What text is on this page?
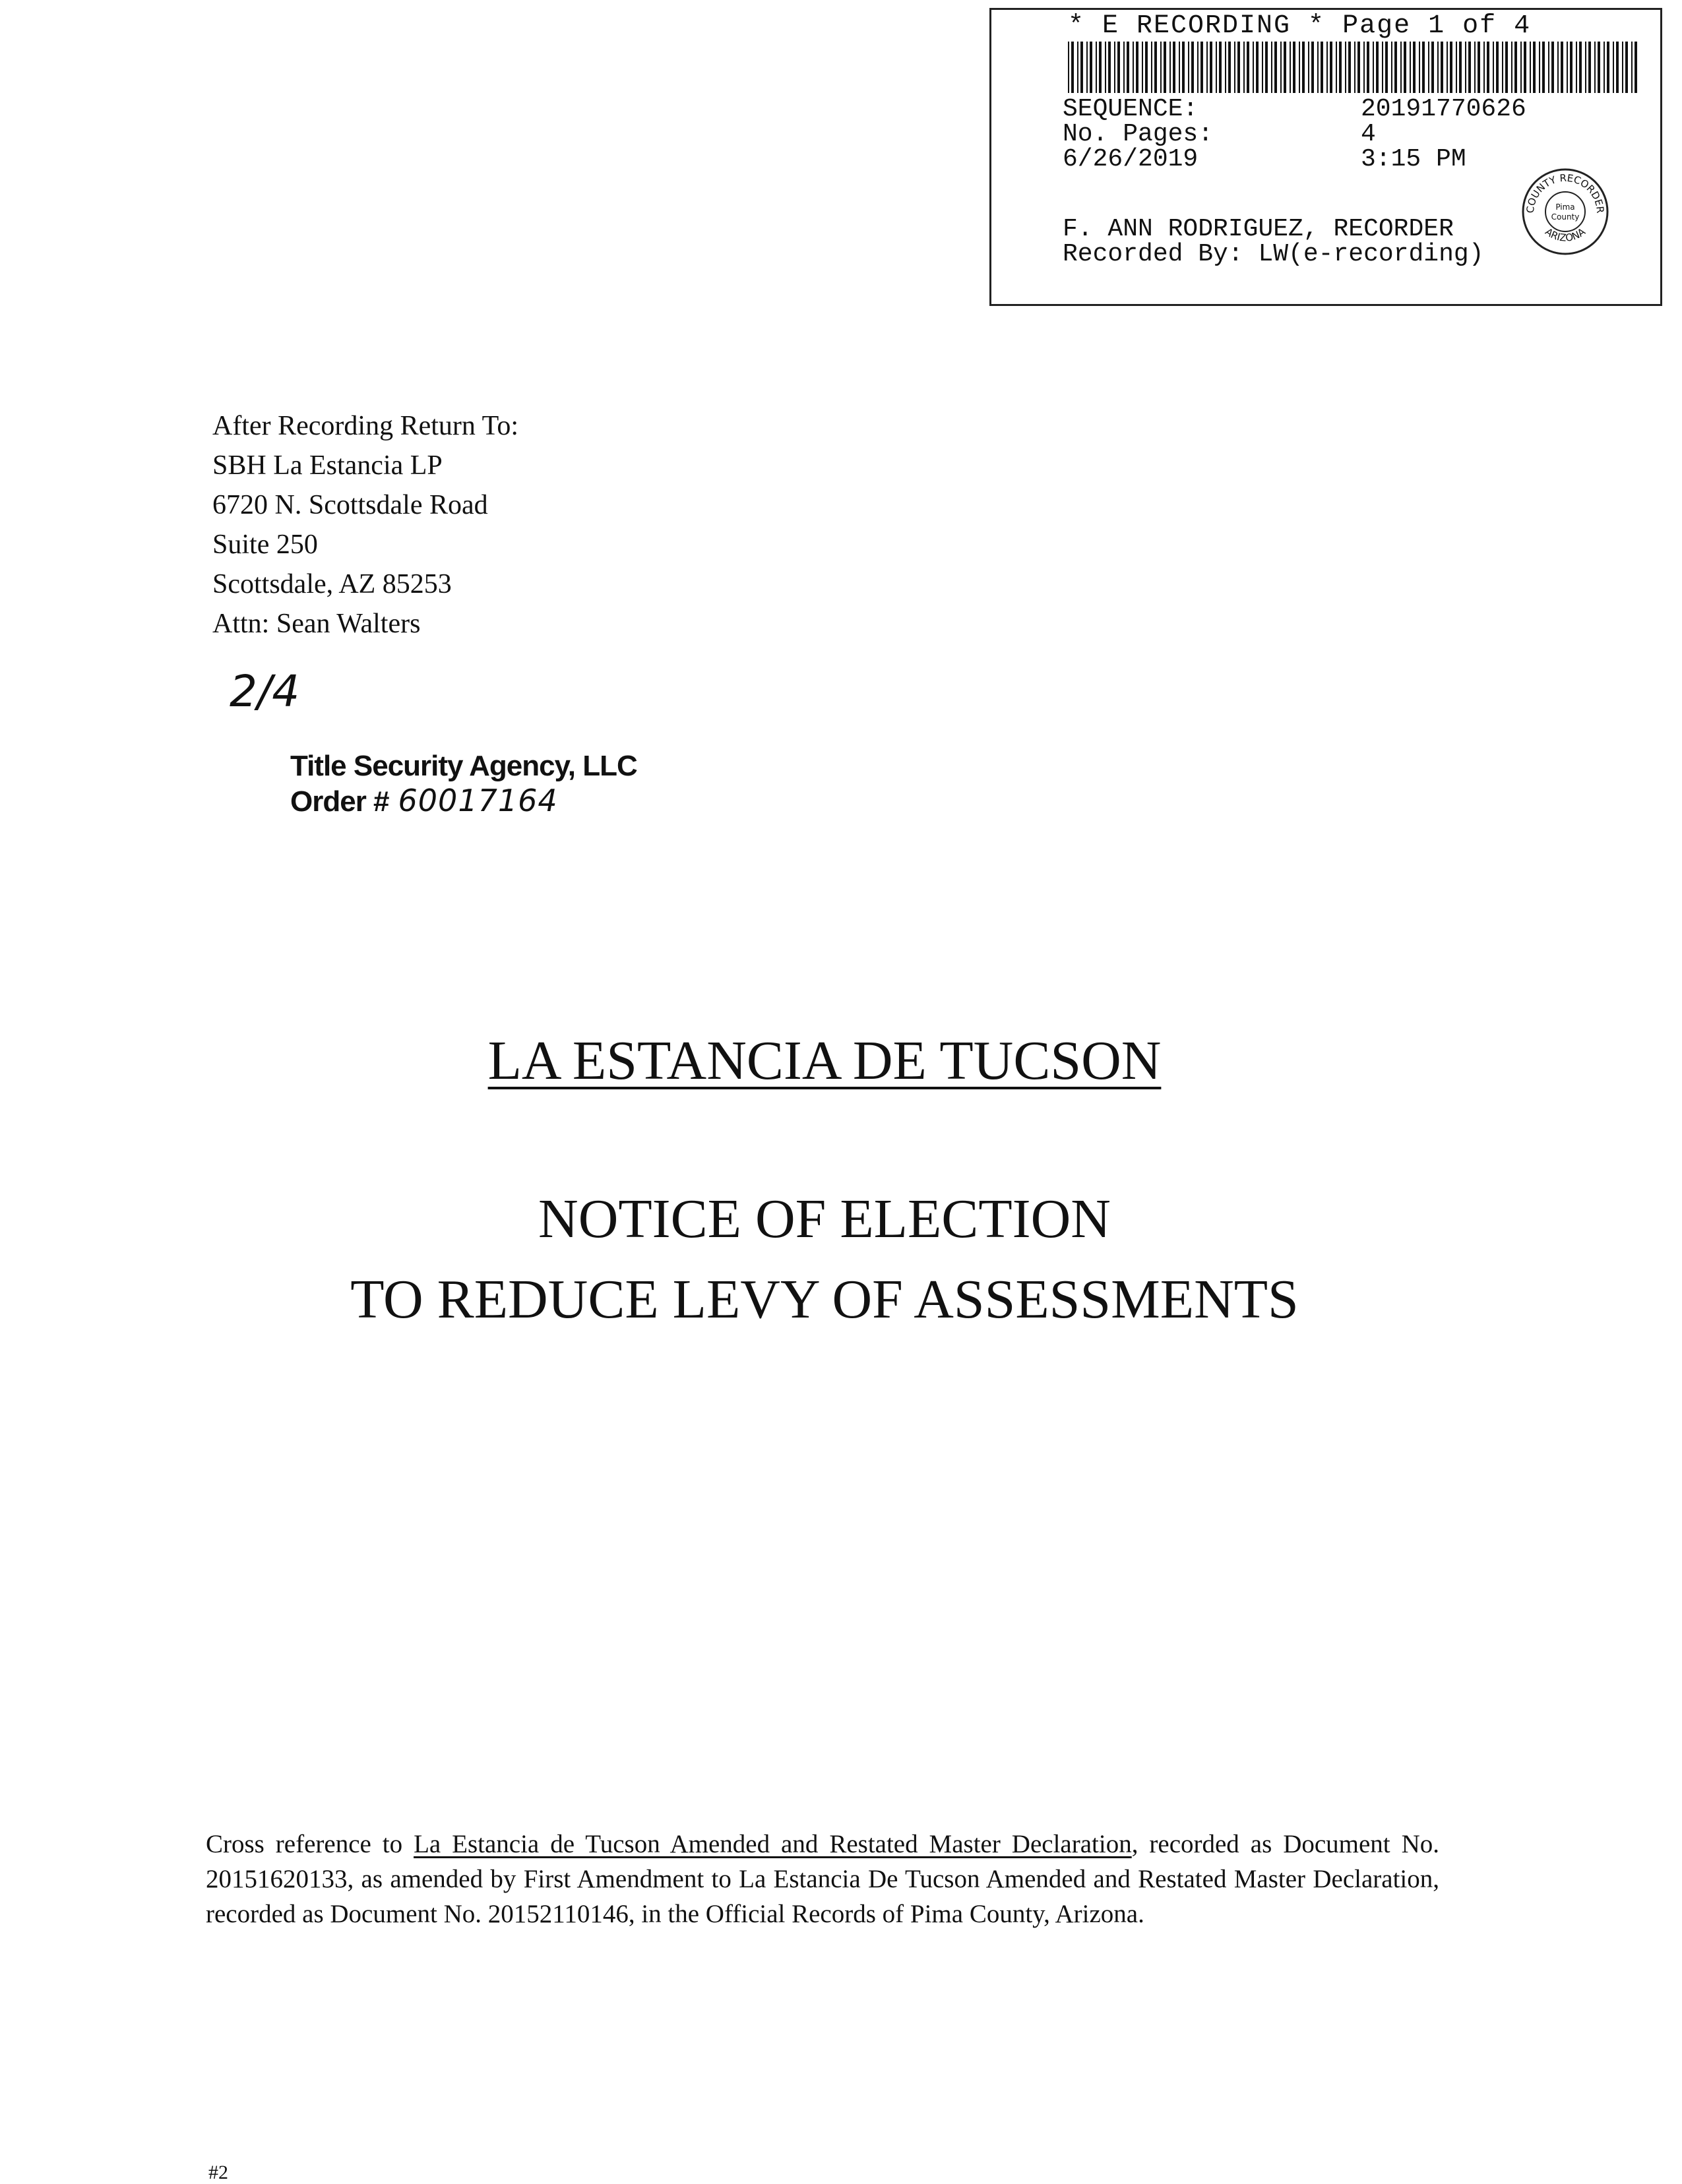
* E RECORDING * Page 1 of 4
SEQUENCE:	20191770626
No. Pages:	4
6/26/2019	3:15 PM
COUNTY RECORDER
ARIZONA
Pima
County
F. ANN RODRIGUEZ, RECORDER
Recorded By: LW(e-recording)
After Recording Return To:
SBH La Estancia LP
6720 N. Scottsdale Road
Suite 250
Scottsdale, AZ 85253
Attn: Sean Walters
2/4
Title Security Agency, LLC
Order # 60017164
LA ESTANCIA DE TUCSON
NOTICE OF ELECTION
TO REDUCE LEVY OF ASSESSMENTS
Cross reference to La Estancia de Tucson Amended and Restated Master Declaration, recorded as Document No. 20151620133, as amended by First Amendment to La Estancia De Tucson Amended and Restated Master Declaration, recorded as Document No. 20152110146, in the Official Records of Pima County, Arizona.
#2
